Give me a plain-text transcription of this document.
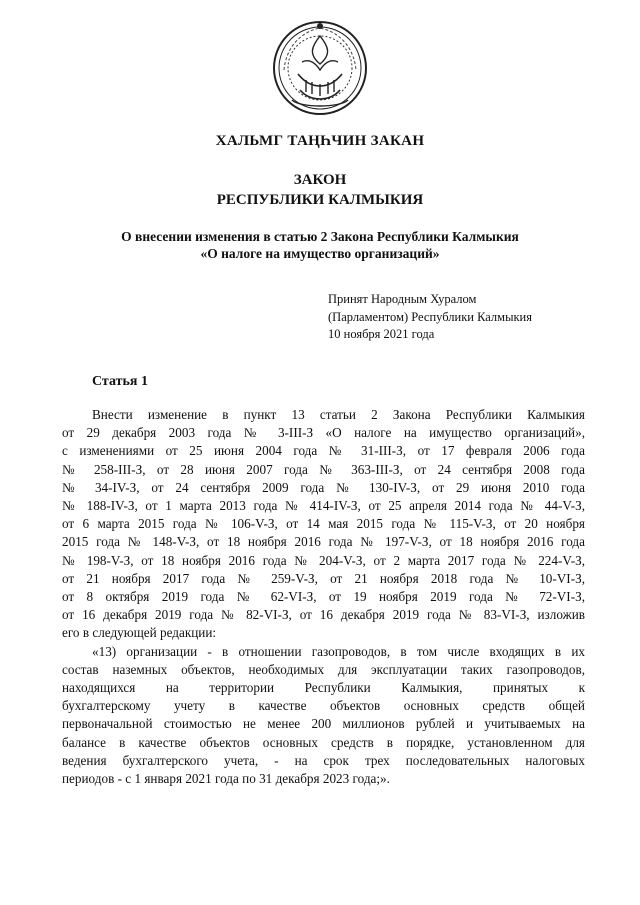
ХАЛЬМГ ТАҢҺЧИН ЗАКАН
ЗАКОН
РЕСПУБЛИКИ КАЛМЫКИЯ
О внесении изменения в статью 2 Закона Республики Калмыкия
«О налоге на имущество организаций»
Принят Народным Хуралом
(Парламентом) Республики Калмыкия
10 ноября 2021 года
Статья 1
Внести изменение в пункт 13 статьи 2 Закона Республики Калмыкия
от 29 декабря 2003 года № 3-III-З «О налоге на имущество организаций»,
с изменениями от 25 июня 2004 года № 31-III-З, от 17 февраля 2006 года
№ 258-III-З, от 28 июня 2007 года № 363-III-З, от 24 сентября 2008 года
№ 34-IV-З, от 24 сентября 2009 года № 130-IV-З, от 29 июня 2010 года
№ 188-IV-З, от 1 марта 2013 года № 414-IV-З, от 25 апреля 2014 года № 44-V-З,
от 6 марта 2015 года № 106-V-З, от 14 мая 2015 года № 115-V-З, от 20 ноября
2015 года № 148-V-З, от 18 ноября 2016 года № 197-V-З, от 18 ноября 2016 года
№ 198-V-З, от 18 ноября 2016 года № 204-V-З, от 2 марта 2017 года № 224-V-З,
от 21 ноября 2017 года № 259-V-З, от 21 ноября 2018 года № 10-VI-З,
от 8 октября 2019 года № 62-VI-З, от 19 ноября 2019 года № 72-VI-З,
от 16 декабря 2019 года № 82-VI-З, от 16 декабря 2019 года № 83-VI-З, изложив
его в следующей редакции:
«13) организации - в отношении газопроводов, в том числе входящих в их
состав наземных объектов, необходимых для эксплуатации таких газопроводов,
находящихся на территории Республики Калмыкия, принятых к
бухгалтерскому учету в качестве объектов основных средств общей
первоначальной стоимостью не менее 200 миллионов рублей и учитываемых на
балансе в качестве объектов основных средств в порядке, установленном для
ведения бухгалтерского учета, - на срок трех последовательных налоговых
периодов - с 1 января 2021 года по 31 декабря 2023 года;».
